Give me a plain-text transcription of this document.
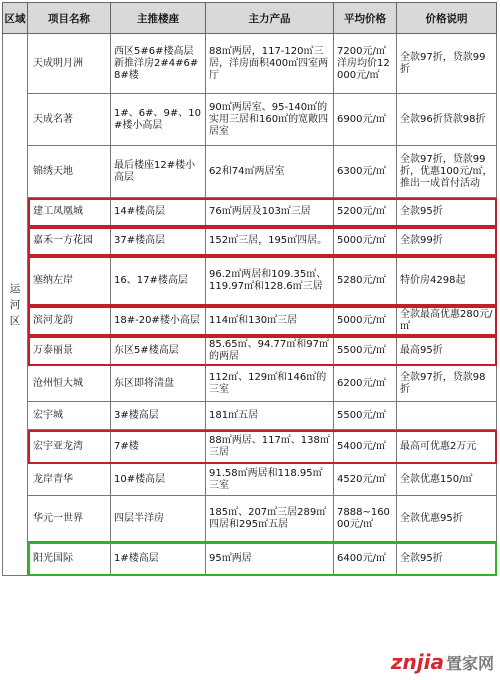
区域	项目名称	主推楼座	主力产品	平均价格	价格说明
运河区	天成明月洲	西区5#6#楼高层新推洋房2#4#6#8#楼	88㎡两居，117-120㎡三居，洋房面积400㎡四室两厅	7200元/㎡洋房均价12000元/㎡	全款97折，贷款99折
	天成名著	1#、6#、9#、10#楼小高层	90㎡两居室、95-140㎡的实用三居和160㎡的宽敞四居室	6900元/㎡	全款96折贷款98折
	锦绣天地	最后楼座12#楼小高层	62和74㎡两居室	6300元/㎡	全款97折，贷款99折，优惠100元/㎡，推出一成首付活动
	建工凤凰城	14#楼高层	76㎡两居及103㎡三居	5200元/㎡	全款95折
	嘉禾一方花园	37#楼高层	152㎡三居，195㎡四居。	5000元/㎡	全款99折
	塞纳左岸	16、17#楼高层	96.2㎡两居和109.35㎡、119.97㎡和128.6㎡三居	5280元/㎡	特价房4298起
	滨河龙韵	18#-20#楼小高层	114㎡和130㎡三居	5000元/㎡	全款最高优惠280元/㎡
	万泰丽景	东区5#楼高层	85.65㎡、94.77㎡和97㎡的两居	5500元/㎡	最高95折
	沧州恒大城	东区即将清盘	112㎡、129㎡和146㎡的三室	6200元/㎡	全款97折，贷款98折
	宏宇城	3#楼高层	181㎡五居	5500元/㎡	
	宏宇亚龙湾	7#楼	88㎡两居、117㎡、138㎡三居	5400元/㎡	最高可优惠2万元
	龙岸青华	10#楼高层	91.58㎡两居和118.95㎡三室	4520元/㎡	全款优惠150/㎡
	华元一世界	四层半洋房	185㎡、207㎡三居289㎡四居和295㎡五居	7888~16000元/㎡	全款优惠95折
	阳光国际	1#楼高层	95㎡两居	6400元/㎡	全款95折
znjia 置家网
